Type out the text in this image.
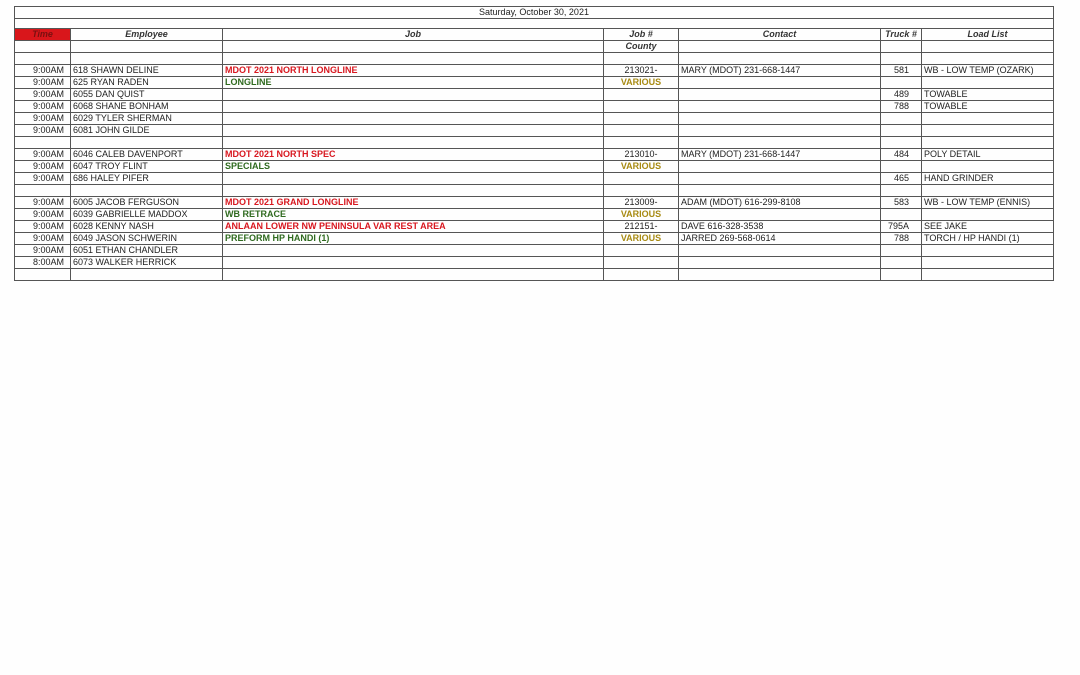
Saturday, October 30, 2021						

Time	Employee	Job	Job #	Contact	Truck #	Load List
			County			

9:00AM	618 SHAWN DELINE	MDOT 2021 NORTH LONGLINE	213021-	MARY (MDOT) 231-668-1447	581	WB - LOW TEMP (OZARK)
9:00AM	625 RYAN RADEN	LONGLINE	VARIOUS			
9:00AM	6055 DAN QUIST				489	TOWABLE
9:00AM	6068 SHANE BONHAM				788	TOWABLE
9:00AM	6029 TYLER SHERMAN					
9:00AM	6081 JOHN GILDE					

9:00AM	6046 CALEB DAVENPORT	MDOT 2021 NORTH SPEC	213010-	MARY (MDOT) 231-668-1447	484	POLY DETAIL
9:00AM	6047 TROY FLINT	SPECIALS	VARIOUS			
9:00AM	686 HALEY PIFER				465	HAND GRINDER

9:00AM	6005 JACOB FERGUSON	MDOT 2021 GRAND LONGLINE	213009-	ADAM (MDOT) 616-299-8108	583	WB - LOW TEMP (ENNIS)
9:00AM	6039 GABRIELLE MADDOX	WB RETRACE	VARIOUS			
9:00AM	6028 KENNY NASH	ANLAAN LOWER NW PENINSULA VAR REST AREA	212151-	DAVE 616-328-3538	795A	SEE JAKE
9:00AM	6049 JASON SCHWERIN	PREFORM HP HANDI (1)	VARIOUS	JARRED 269-568-0614	788	TORCH / HP HANDI (1)
9:00AM	6051 ETHAN CHANDLER					
8:00AM	6073 WALKER HERRICK					
